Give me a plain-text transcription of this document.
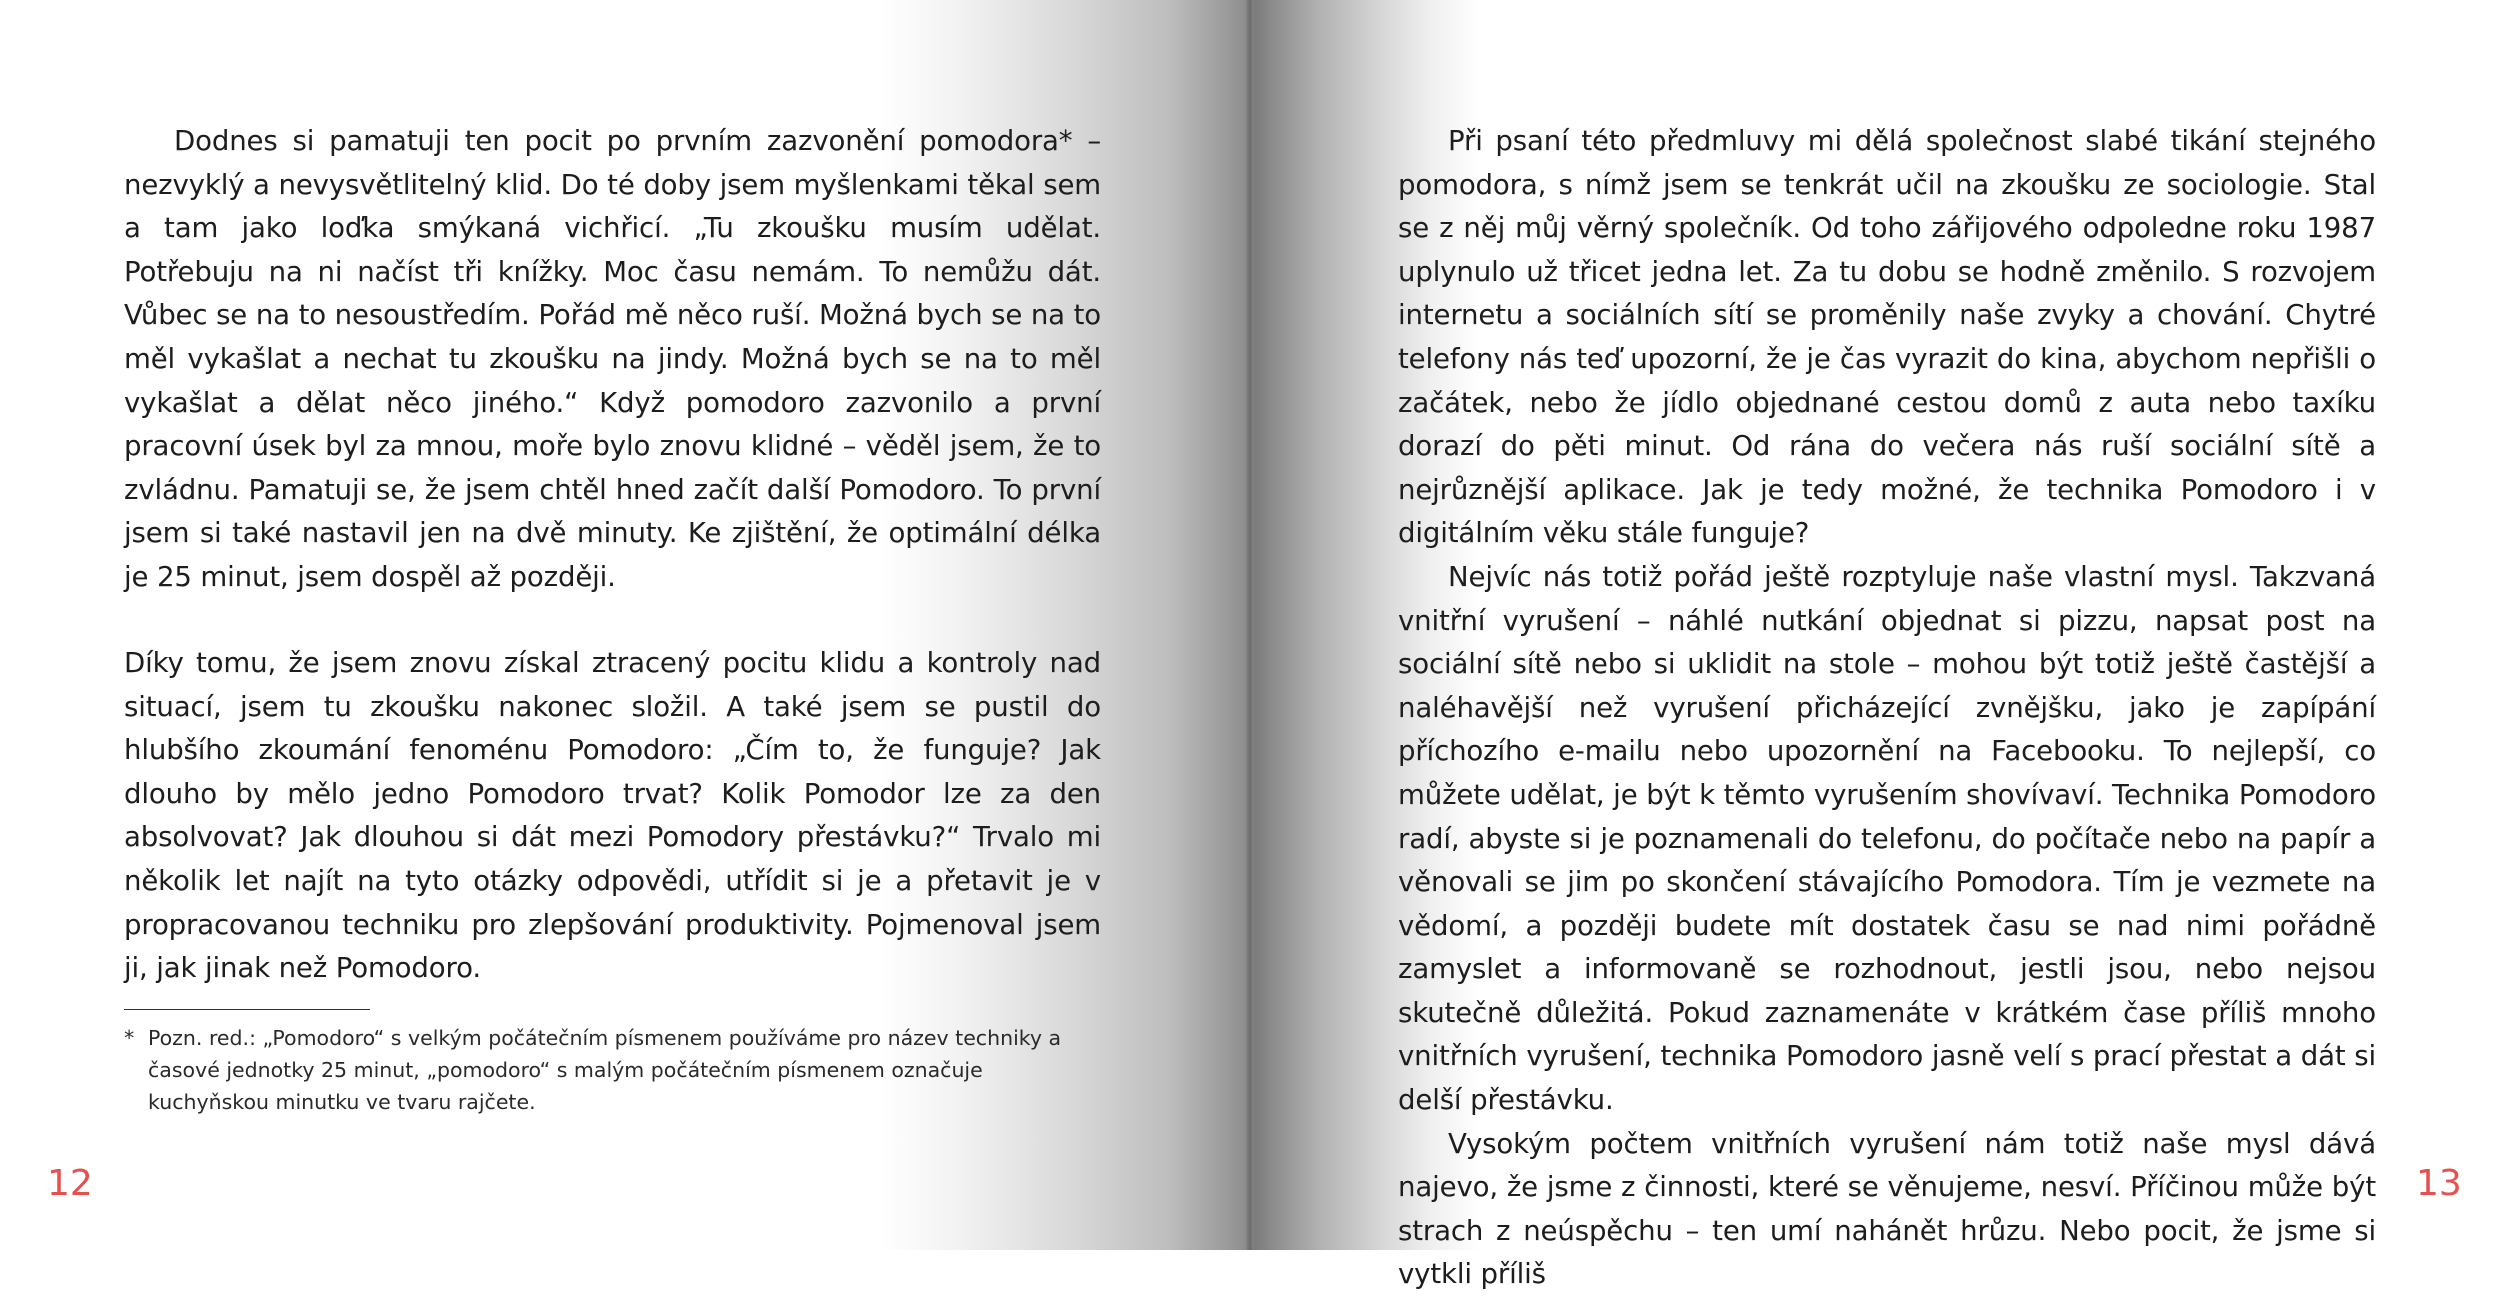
Dodnes si pamatuji ten pocit po prvním zazvonění pomodora* – nezvyklý a nevysvětlitelný klid. Do té doby jsem myšlenkami těkal sem a tam jako loďka smýkaná vichřicí. „Tu zkoušku musím udělat. Potřebuju na ni načíst tři knížky. Moc času nemám. To nemůžu dát. Vůbec se na to nesoustředím. Pořád mě něco ruší. Možná bych se na to měl vykašlat a nechat tu zkoušku na jindy. Možná bych se na to měl vykašlat a dělat něco jiného.“ Když pomodoro zazvonilo a první pracovní úsek byl za mnou, moře bylo znovu klidné – věděl jsem, že to zvládnu. Pamatuji se, že jsem chtěl hned začít další Pomodoro. To první jsem si také nastavil jen na dvě minuty. Ke zjištění, že optimální délka je 25 minut, jsem dospěl až později.

Díky tomu, že jsem znovu získal ztracený pocitu klidu a kontroly nad situací, jsem tu zkoušku nakonec složil. A také jsem se pustil do hlubšího zkoumání fenoménu Pomodoro: „Čím to, že funguje? Jak dlouho by mělo jedno Pomodoro trvat? Kolik Pomodor lze za den absolvovat? Jak dlouhou si dát mezi Pomodory přestávku?“ Trvalo mi několik let najít na tyto otázky odpovědi, utřídit si je a přetavit je v propracovanou techniku pro zlepšování produktivity. Pojmenoval jsem ji, jak jinak než Pomodoro.

* Pozn. red.: „Pomodoro“ s velkým počátečním písmenem používáme pro název techniky a časové jednotky 25 minut, „pomodoro“ s malým počátečním písmenem označuje kuchyňskou minutku ve tvaru rajčete.
12

Při psaní této předmluvy mi dělá společnost slabé tikání stejného pomodora, s nímž jsem se tenkrát učil na zkoušku ze sociologie. Stal se z něj můj věrný společník. Od toho zářijového odpoledne roku 1987 uplynulo už třicet jedna let. Za tu dobu se hodně změnilo. S rozvojem internetu a sociálních sítí se proměnily naše zvyky a chování. Chytré telefony nás teď upozorní, že je čas vyrazit do kina, abychom nepřišli o začátek, nebo že jídlo objednané cestou domů z auta nebo taxíku dorazí do pěti minut. Od rána do večera nás ruší sociální sítě a nejrůznější aplikace. Jak je tedy možné, že technika Pomodoro i v digitálním věku stále funguje?

Nejvíc nás totiž pořád ještě rozptyluje naše vlastní mysl. Takzvaná vnitřní vyrušení – náhlé nutkání objednat si pizzu, napsat post na sociální sítě nebo si uklidit na stole – mohou být totiž ještě častější a naléhavější než vyrušení přicházející zvnějšku, jako je zapípání příchozího e-mailu nebo upozornění na Facebooku. To nejlepší, co můžete udělat, je být k těmto vyrušením shovívaví. Technika Pomodoro radí, abyste si je poznamenali do telefonu, do počítače nebo na papír a věnovali se jim po skončení stávajícího Pomodora. Tím je vezmete na vědomí, a později budete mít dostatek času se nad nimi pořádně zamyslet a informovaně se rozhodnout, jestli jsou, nebo nejsou skutečně důležitá. Pokud zaznamenáte v krátkém čase příliš mnoho vnitřních vyrušení, technika Pomodoro jasně velí s prací přestat a dát si delší přestávku.

Vysokým počtem vnitřních vyrušení nám totiž naše mysl dává najevo, že jsme z činnosti, které se věnujeme, nesví. Příčinou může být strach z neúspěchu – ten umí nahánět hrůzu. Nebo pocit, že jsme si vytkli příliš

13
